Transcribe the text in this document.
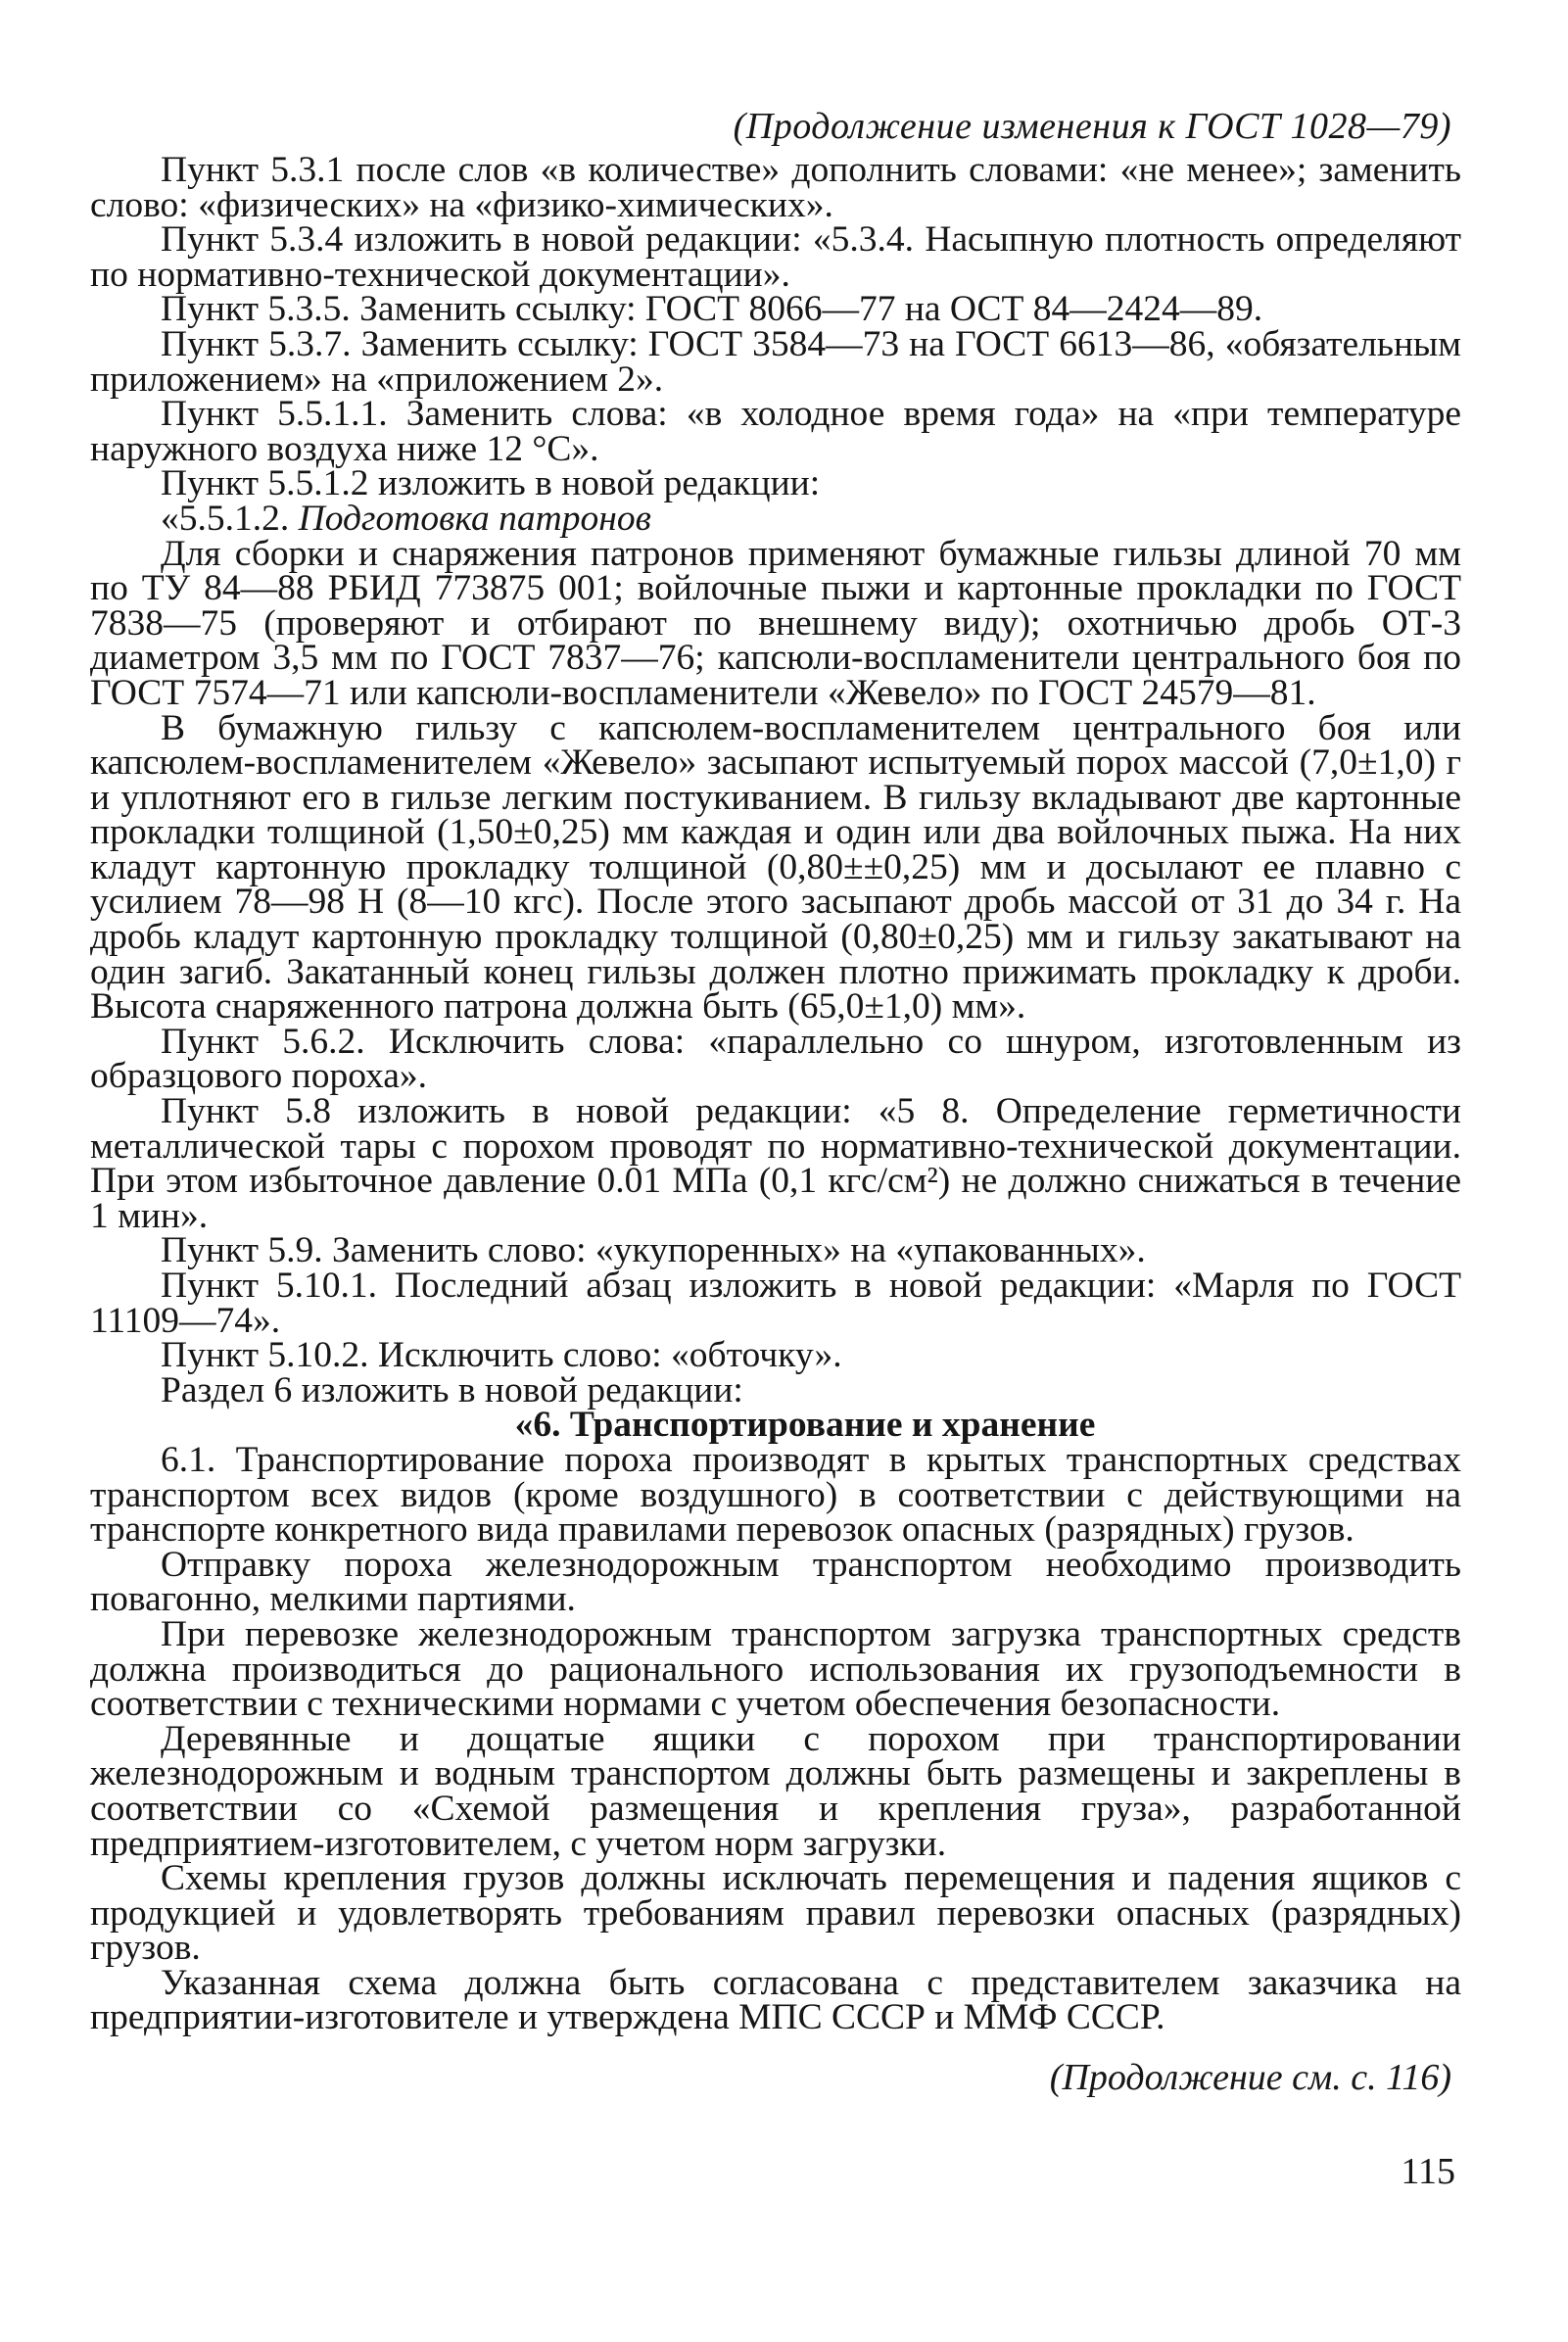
(Продолжение изменения к ГОСТ 1028—79)

Пункт 5.3.1 после слов «в количестве» дополнить словами: «не менее»; заменить слово: «физических» на «физико-химических».

Пункт 5.3.4 изложить в новой редакции: «5.3.4. Насыпную плотность определяют по нормативно-технической документации».

Пункт 5.3.5. Заменить ссылку: ГОСТ 8066—77 на ОСТ 84—2424—89.

Пункт 5.3.7. Заменить ссылку: ГОСТ 3584—73 на ГОСТ 6613—86, «обязательным приложением» на «приложением 2».

Пункт 5.5.1.1. Заменить слова: «в холодное время года» на «при температуре наружного воздуха ниже 12 °С».

Пункт 5.5.1.2 изложить в новой редакции:

«5.5.1.2. Подготовка патронов

Для сборки и снаряжения патронов применяют бумажные гильзы длиной 70 мм по ТУ 84—88 РБИД 773875 001; войлочные пыжи и картонные прокладки по ГОСТ 7838—75 (проверяют и отбирают по внешнему виду); охотничью дробь ОТ-3 диаметром 3,5 мм по ГОСТ 7837—76; капсюли-воспламенители центрального боя по ГОСТ 7574—71 или капсюли-воспламенители «Жевело» по ГОСТ 24579—81.

В бумажную гильзу с капсюлем-воспламенителем центрального боя или капсюлем-воспламенителем «Жевело» засыпают испытуемый порох массой (7,0±1,0) г и уплотняют его в гильзе легким постукиванием. В гильзу вкладывают две картонные прокладки толщиной (1,50±0,25) мм каждая и один или два войлочных пыжа. На них кладут картонную прокладку толщиной (0,80±±0,25) мм и досылают ее плавно с усилием 78—98 Н (8—10 кгс). После этого засыпают дробь массой от 31 до 34 г. На дробь кладут картонную прокладку толщиной (0,80±0,25) мм и гильзу закатывают на один загиб. Закатанный конец гильзы должен плотно прижимать прокладку к дроби. Высота снаряженного патрона должна быть (65,0±1,0) мм».

Пункт 5.6.2. Исключить слова: «параллельно со шнуром, изготовленным из образцового пороха».

Пункт 5.8 изложить в новой редакции: «5 8. Определение герметичности металлической тары с порохом проводят по нормативно-технической документации. При этом избыточное давление 0.01 МПа (0,1 кгс/см²) не должно снижаться в течение 1 мин».

Пункт 5.9. Заменить слово: «укупоренных» на «упакованных».

Пункт 5.10.1. Последний абзац изложить в новой редакции: «Марля по ГОСТ 11109—74».

Пункт 5.10.2. Исключить слово: «обточку».

Раздел 6 изложить в новой редакции:

«6. Транспортирование и хранение

6.1. Транспортирование пороха производят в крытых транспортных средствах транспортом всех видов (кроме воздушного) в соответствии с действующими на транспорте конкретного вида правилами перевозок опасных (разрядных) грузов.

Отправку пороха железнодорожным транспортом необходимо производить повагонно, мелкими партиями.

При перевозке железнодорожным транспортом загрузка транспортных средств должна производиться до рационального использования их грузоподъемности в соответствии с техническими нормами с учетом обеспечения безопасности.

Деревянные и дощатые ящики с порохом при транспортировании железнодорожным и водным транспортом должны быть размещены и закреплены в соответствии со «Схемой размещения и крепления груза», разработанной предприятием-изготовителем, с учетом норм загрузки.

Схемы крепления грузов должны исключать перемещения и падения ящиков с продукцией и удовлетворять требованиям правил перевозки опасных (разрядных) грузов.

Указанная схема должна быть согласована с представителем заказчика на предприятии-изготовителе и утверждена МПС СССР и ММФ СССР.

(Продолжение см. с. 116)
115
